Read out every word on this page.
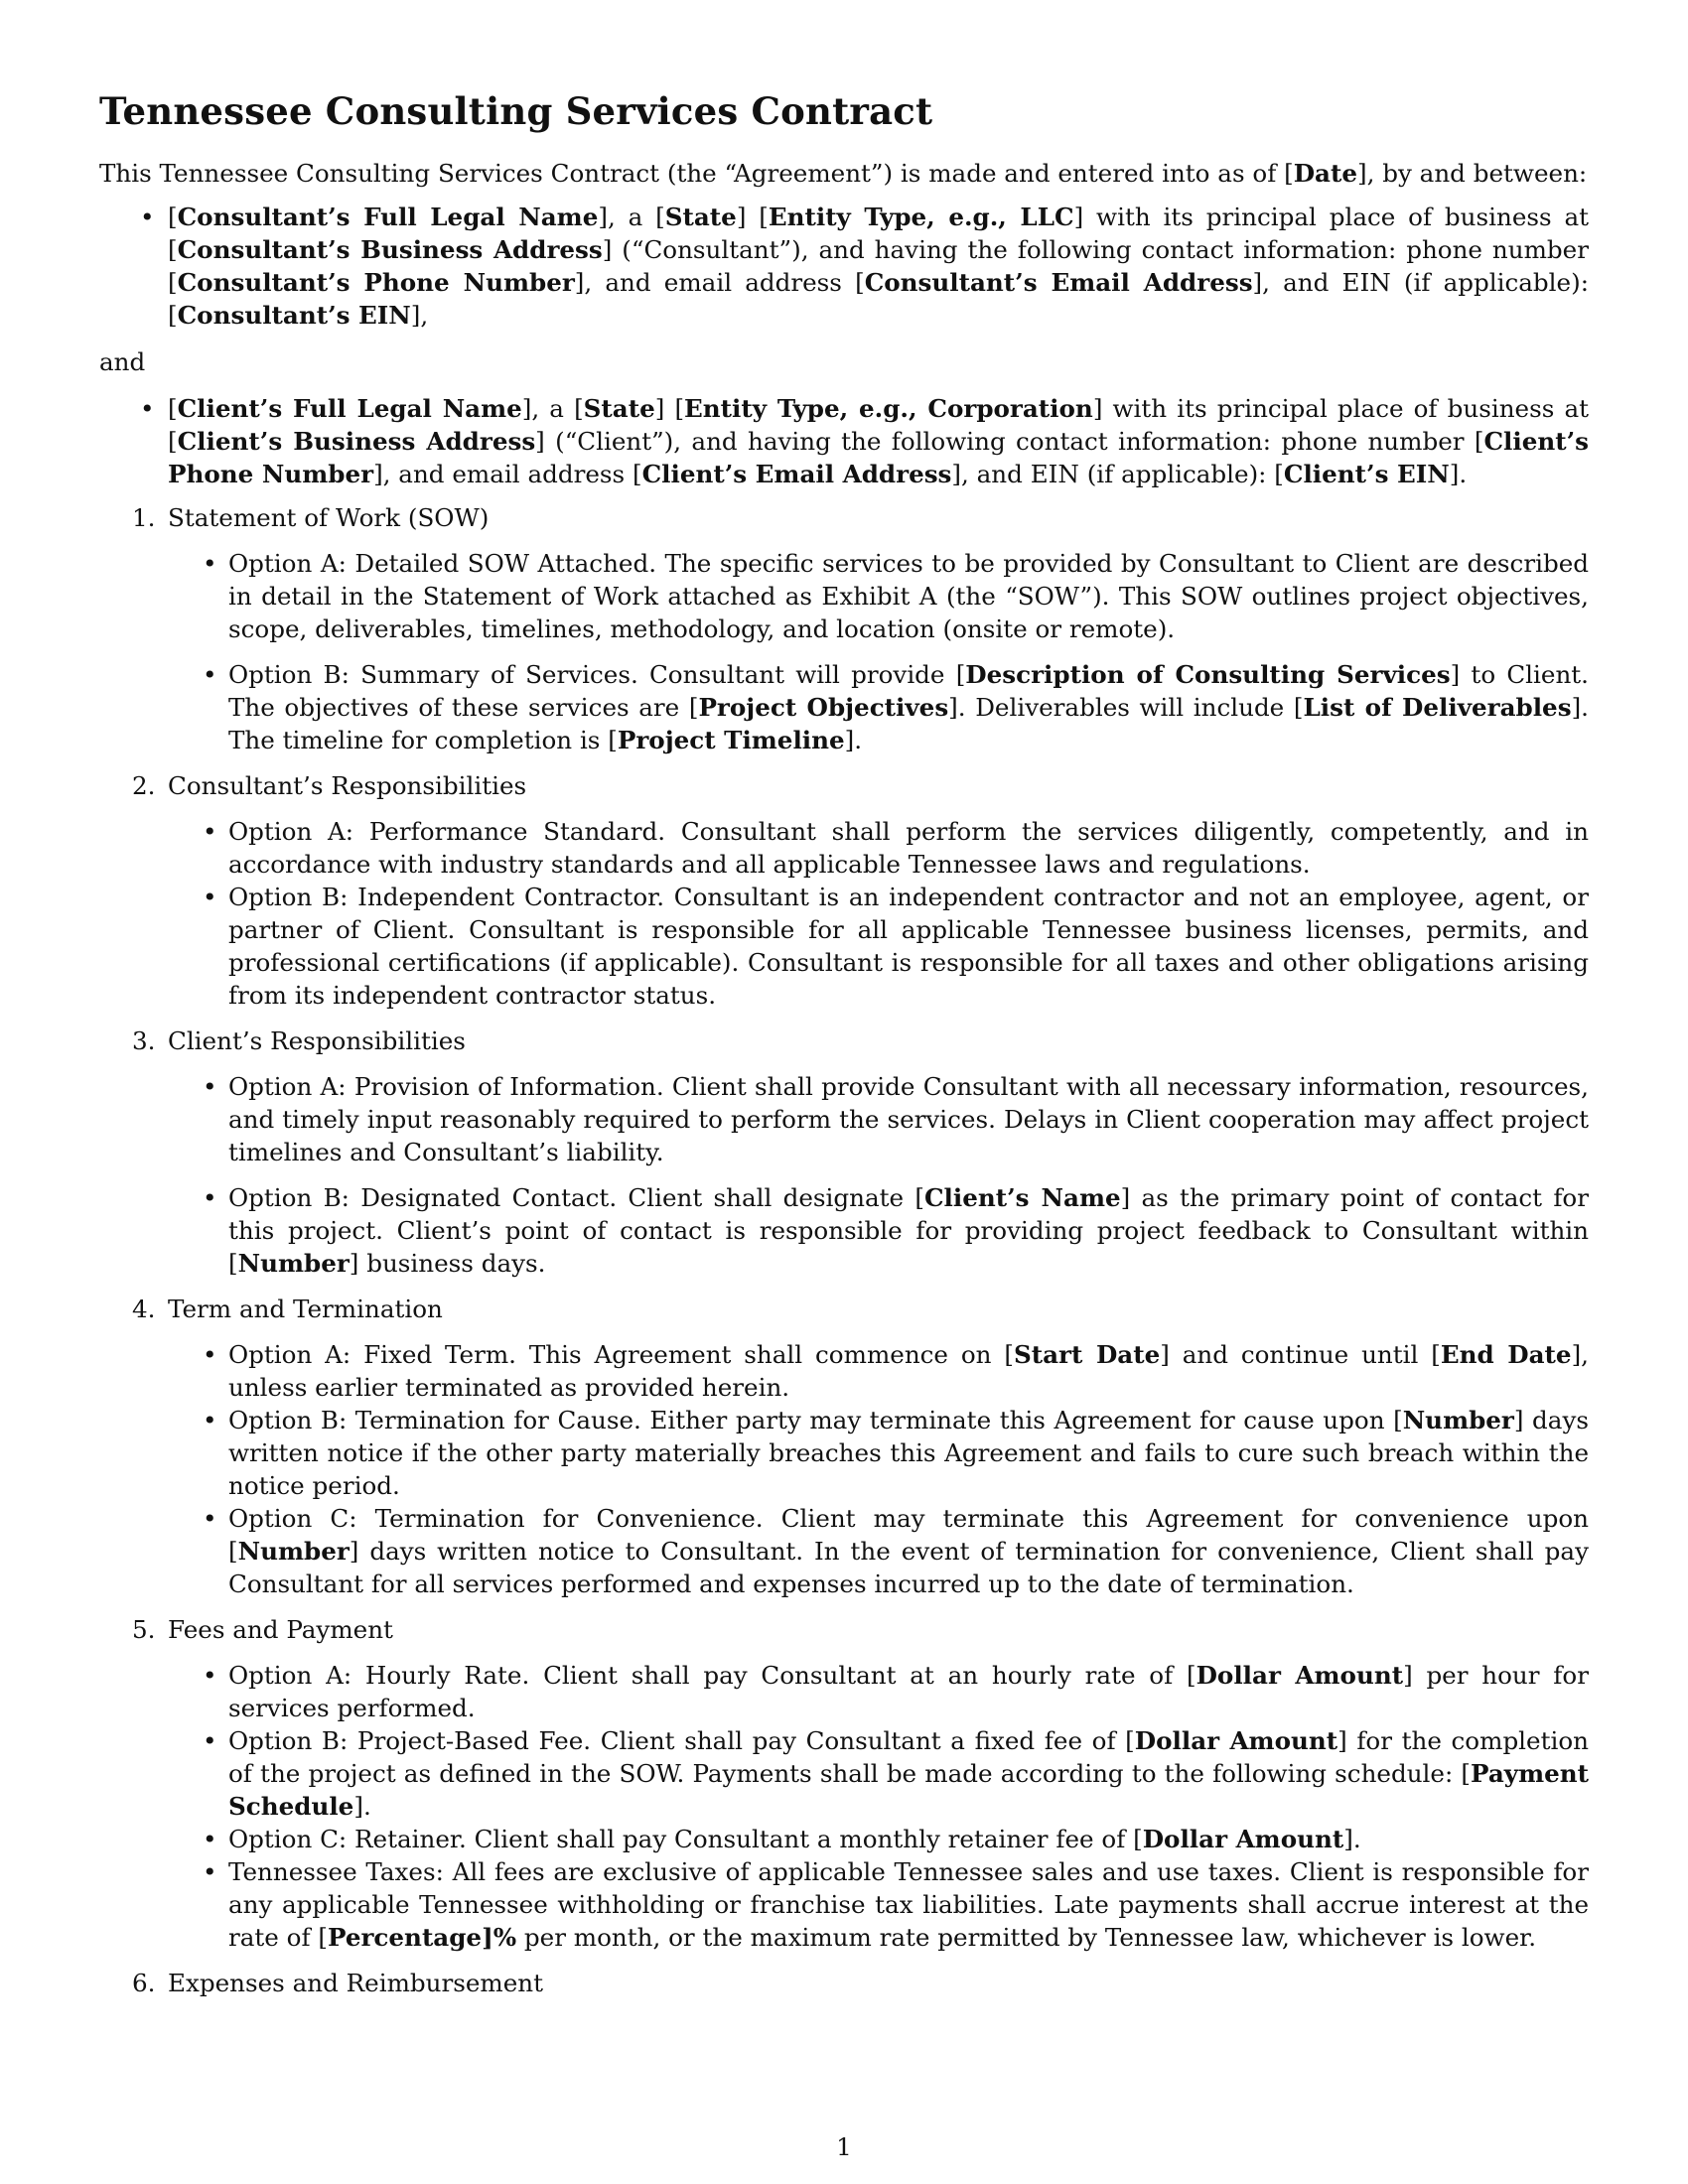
Tennessee Consulting Services Contract

This Tennessee Consulting Services Contract (the “Agreement”) is made and entered into as of [Date], by and between:

• [Consultant’s Full Legal Name], a [State] [Entity Type, e.g., LLC] with its principal place of business at [Consultant’s Business Address] (“Consultant”), and having the following contact information: phone number [Consultant’s Phone Number], and email address [Consultant’s Email Address], and EIN (if applicable): [Consultant’s EIN],

and

• [Client’s Full Legal Name], a [State] [Entity Type, e.g., Corporation] with its principal place of business at [Client’s Business Address] (“Client”), and having the following contact information: phone number [Client’s Phone Number], and email address [Client’s Email Address], and EIN (if applicable): [Client’s EIN].
1. Statement of Work (SOW)
• Option A: Detailed SOW Attached. The specific services to be provided by Consultant to Client are described in detail in the Statement of Work attached as Exhibit A (the “SOW”). This SOW outlines project objectives, scope, deliverables, timelines, methodology, and location (onsite or remote).
• Option B: Summary of Services. Consultant will provide [Description of Consulting Services] to Client. The objectives of these services are [Project Objectives]. Deliverables will include [List of Deliverables]. The timeline for completion is [Project Timeline].
2. Consultant’s Responsibilities
• Option A: Performance Standard. Consultant shall perform the services diligently, competently, and in accordance with industry standards and all applicable Tennessee laws and regulations.
• Option B: Independent Contractor. Consultant is an independent contractor and not an employee, agent, or partner of Client. Consultant is responsible for all applicable Tennessee business licenses, permits, and professional certifications (if applicable). Consultant is responsible for all taxes and other obligations arising from its independent contractor status.
3. Client’s Responsibilities
• Option A: Provision of Information. Client shall provide Consultant with all necessary information, resources, and timely input reasonably required to perform the services. Delays in Client cooperation may affect project timelines and Consultant’s liability.
• Option B: Designated Contact. Client shall designate [Client’s Name] as the primary point of contact for this project. Client’s point of contact is responsible for providing project feedback to Consultant within [Number] business days.
4. Term and Termination
• Option A: Fixed Term. This Agreement shall commence on [Start Date] and continue until [End Date], unless earlier terminated as provided herein.
• Option B: Termination for Cause. Either party may terminate this Agreement for cause upon [Number] days written notice if the other party materially breaches this Agreement and fails to cure such breach within the notice period.
• Option C: Termination for Convenience. Client may terminate this Agreement for convenience upon [Number] days written notice to Consultant. In the event of termination for convenience, Client shall pay Consultant for all services performed and expenses incurred up to the date of termination.
5. Fees and Payment
• Option A: Hourly Rate. Client shall pay Consultant at an hourly rate of [Dollar Amount] per hour for services performed.
• Option B: Project-Based Fee. Client shall pay Consultant a fixed fee of [Dollar Amount] for the completion of the project as defined in the SOW. Payments shall be made according to the following schedule: [Payment Schedule].
• Option C: Retainer. Client shall pay Consultant a monthly retainer fee of [Dollar Amount].
• Tennessee Taxes: All fees are exclusive of applicable Tennessee sales and use taxes. Client is responsible for any applicable Tennessee withholding or franchise tax liabilities. Late payments shall accrue interest at the rate of [Percentage]% per month, or the maximum rate permitted by Tennessee law, whichever is lower.
6. Expenses and Reimbursement
1
